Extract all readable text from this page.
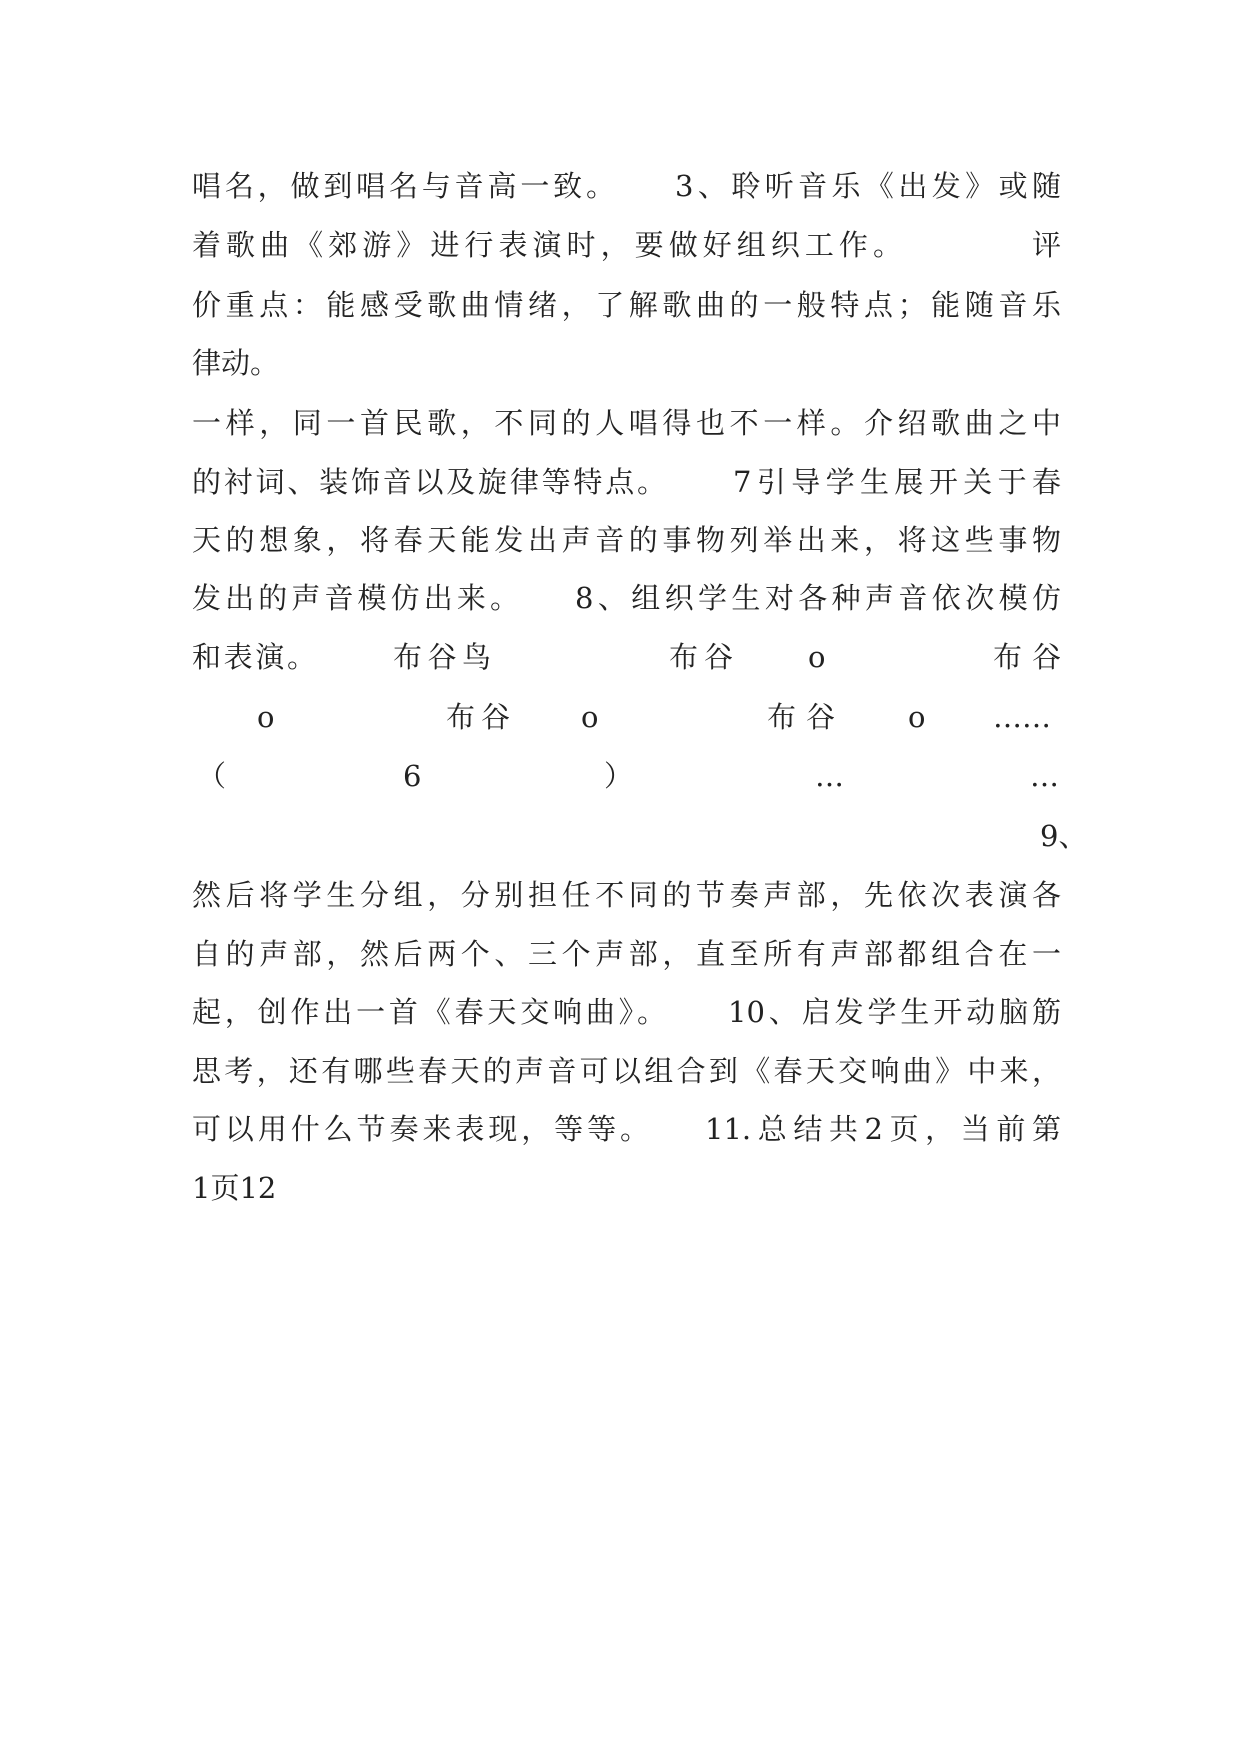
唱名，做到唱名与音高一致。 3、聆听音乐《出发》或随
着歌曲《郊游》进行表演时，要做好组织工作。	评
价重点：能感受歌曲情绪，了解歌曲的一般特点；能随音乐
律动。
一样，同一首民歌，不同的人唱得也不一样。介绍歌曲之中
的衬词、装饰音以及旋律等特点。 7引导学生展开关于春
天的想象，将春天能发出声音的事物列举出来，将这些事物
发出的声音模仿出来。 8、组织学生对各种声音依次模仿
和表演。	布谷鸟	布谷	o	布谷
o	布谷 o	布谷	o ……
（	6	）	…	…
9、
然后将学生分组，分别担任不同的节奏声部，先依次表演各
自的声部，然后两个、三个声部，直至所有声部都组合在一
起，创作出一首《春天交响曲》。 10、启发学生开动脑筋
思考，还有哪些春天的声音可以组合到《春天交响曲》中来，
可以用什么节奏来表现，等等。 11.总结共2页，当前第
1页12
